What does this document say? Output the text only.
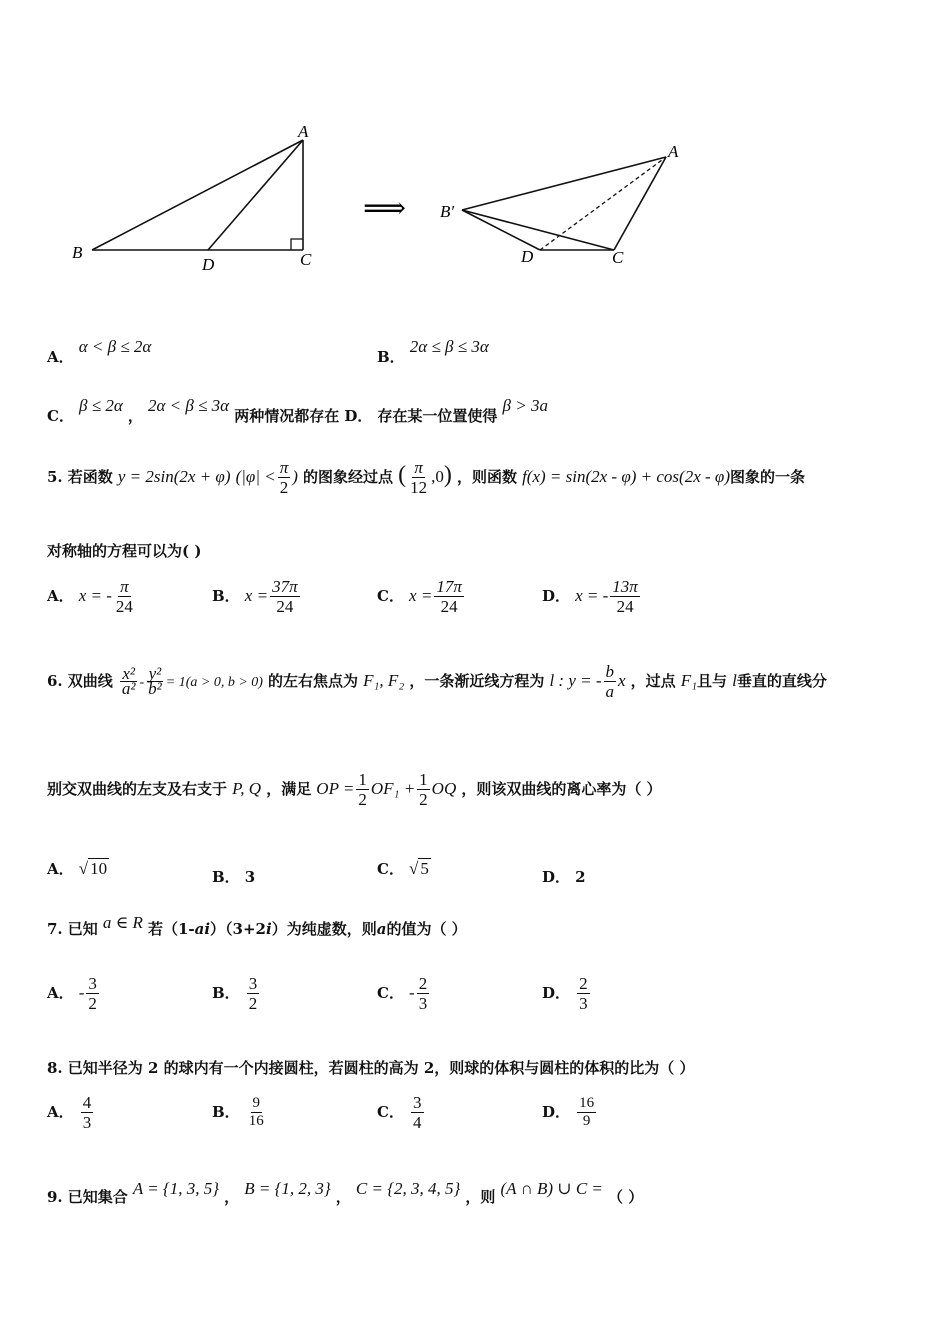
A
B	C
D
⟹
A
B′
C
D
A． α < β ≤ 2α
B． 2α ≤ β ≤ 3α
C． β ≤ 2α ， 2α < β ≤ 3α 两种情况都存在 D． 存在某一位置使得 β > 3a
5. 若函数 y = 2sin(2x + φ) ($|\varphi| < \frac{\pi}{2}$ ) 的图象经过点 ( $\frac{\pi}{12} ,0$) ，则函数 f(x) = sin(2x - φ) + cos(2x - φ)图象的一条
对称轴的方程可以为( )
A． x = - $\frac{\pi}{24}$	B． $x = \frac{37\pi}{24}$	C． $x = \frac{17\pi}{24}$	D． x = - $\frac{13\pi}{24}$
6. 双曲线 $\frac{\text{x²}}{\text{a²}} - \frac{\text{y²}}{\text{b²}} = 1(a > 0$, b > 0) 的左右焦点为 F₁, F₂ ，一条渐近线方程为 l : y = - $\frac{b}{a}$ x ，过点 F₁且与 l垂直的直线分
别交双曲线的左支及右支于 P, Q ，满足 OP = $\frac{1}{2} OF_1 + \frac{1}{2}$ OQ ，则该双曲线的离心率为（ ）
A． √ 10	B． 3	C． √ 5	D． 2
7. 已知 a ∈ R 若（1-ai）（3+2i）为纯虚数，则a的值为（ ）
A． - $\frac{3}{2}$	B． $\frac{3}{2}$	C． - $\frac{2}{3}$	D． $\frac{2}{3}$
8. 已知半径为 2 的球内有一个内接圆柱，若圆柱的高为 2，则球的体积与圆柱的体积的比为（ ）
A． $\frac{4}{3}$	B． $\frac{9}{16}$	C． $\frac{3}{4}$	D． $\frac{16}{9}$
9. 已知集合 A = {1, 3, 5} ， B = {1, 2, 3} ， C = {2, 3, 4, 5} ，则 (A ∩ B) ∪ C = （ ）
